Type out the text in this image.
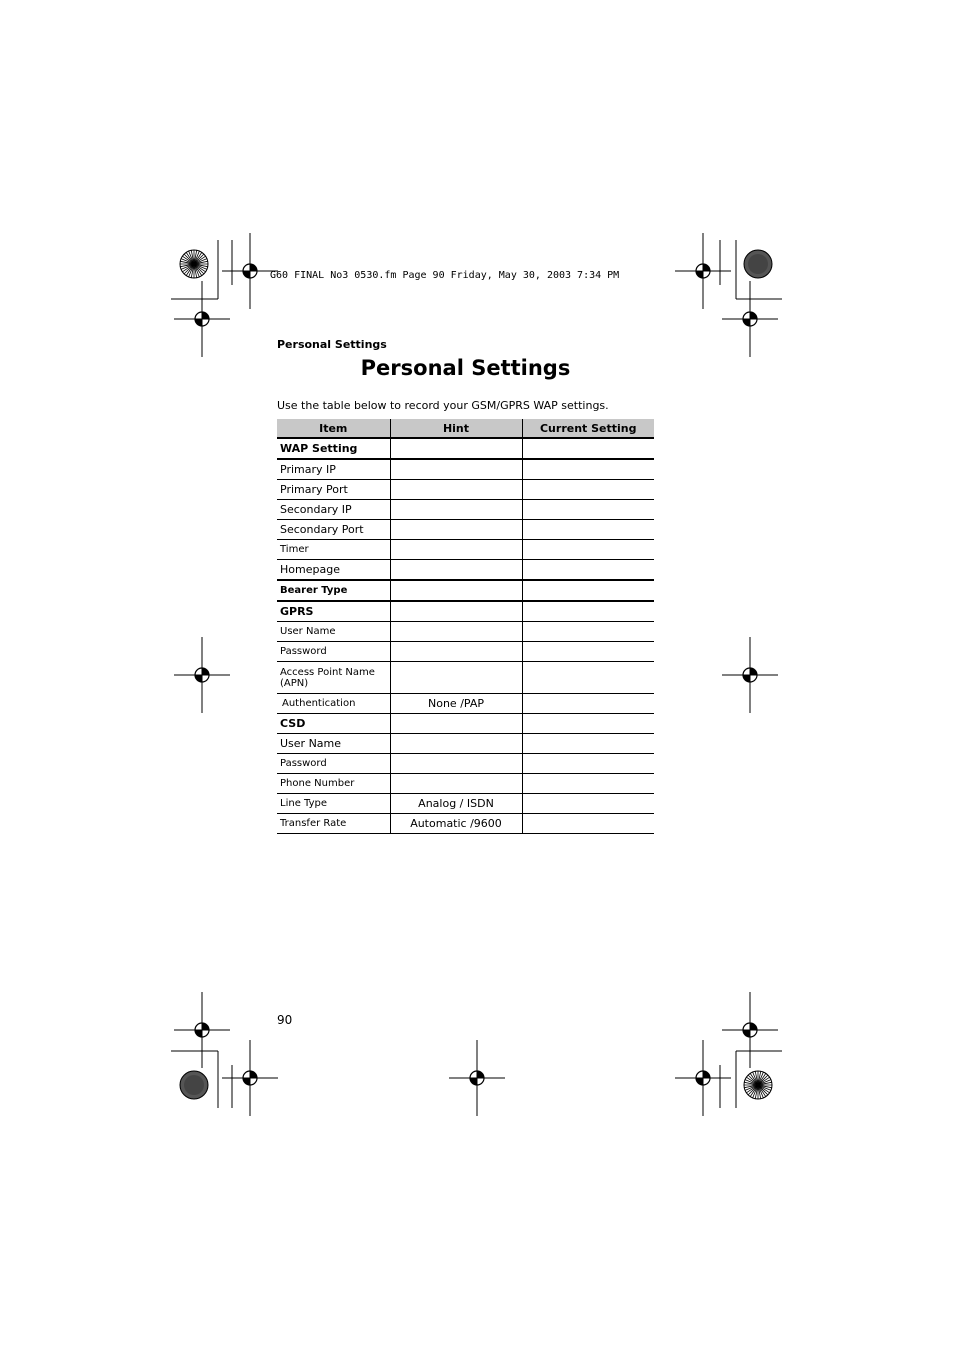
G60 FINAL No3 0530.fm Page 90 Friday, May 30, 2003 7:34 PM
Personal Settings
Personal Settings
Use the table below to record your GSM/GPRS WAP settings.
Item	Hint	Current Setting
WAP Setting		
Primary IP		
Primary Port		
Secondary IP		
Secondary Port		
Timer		
Homepage		
Bearer Type		
GPRS		
User Name		
Password		
Access Point Name (APN)		
Authentication	None /PAP	
CSD		
User Name		
Password		
Phone Number		
Line Type	Analog / ISDN	
Transfer Rate	Automatic /9600	
90
